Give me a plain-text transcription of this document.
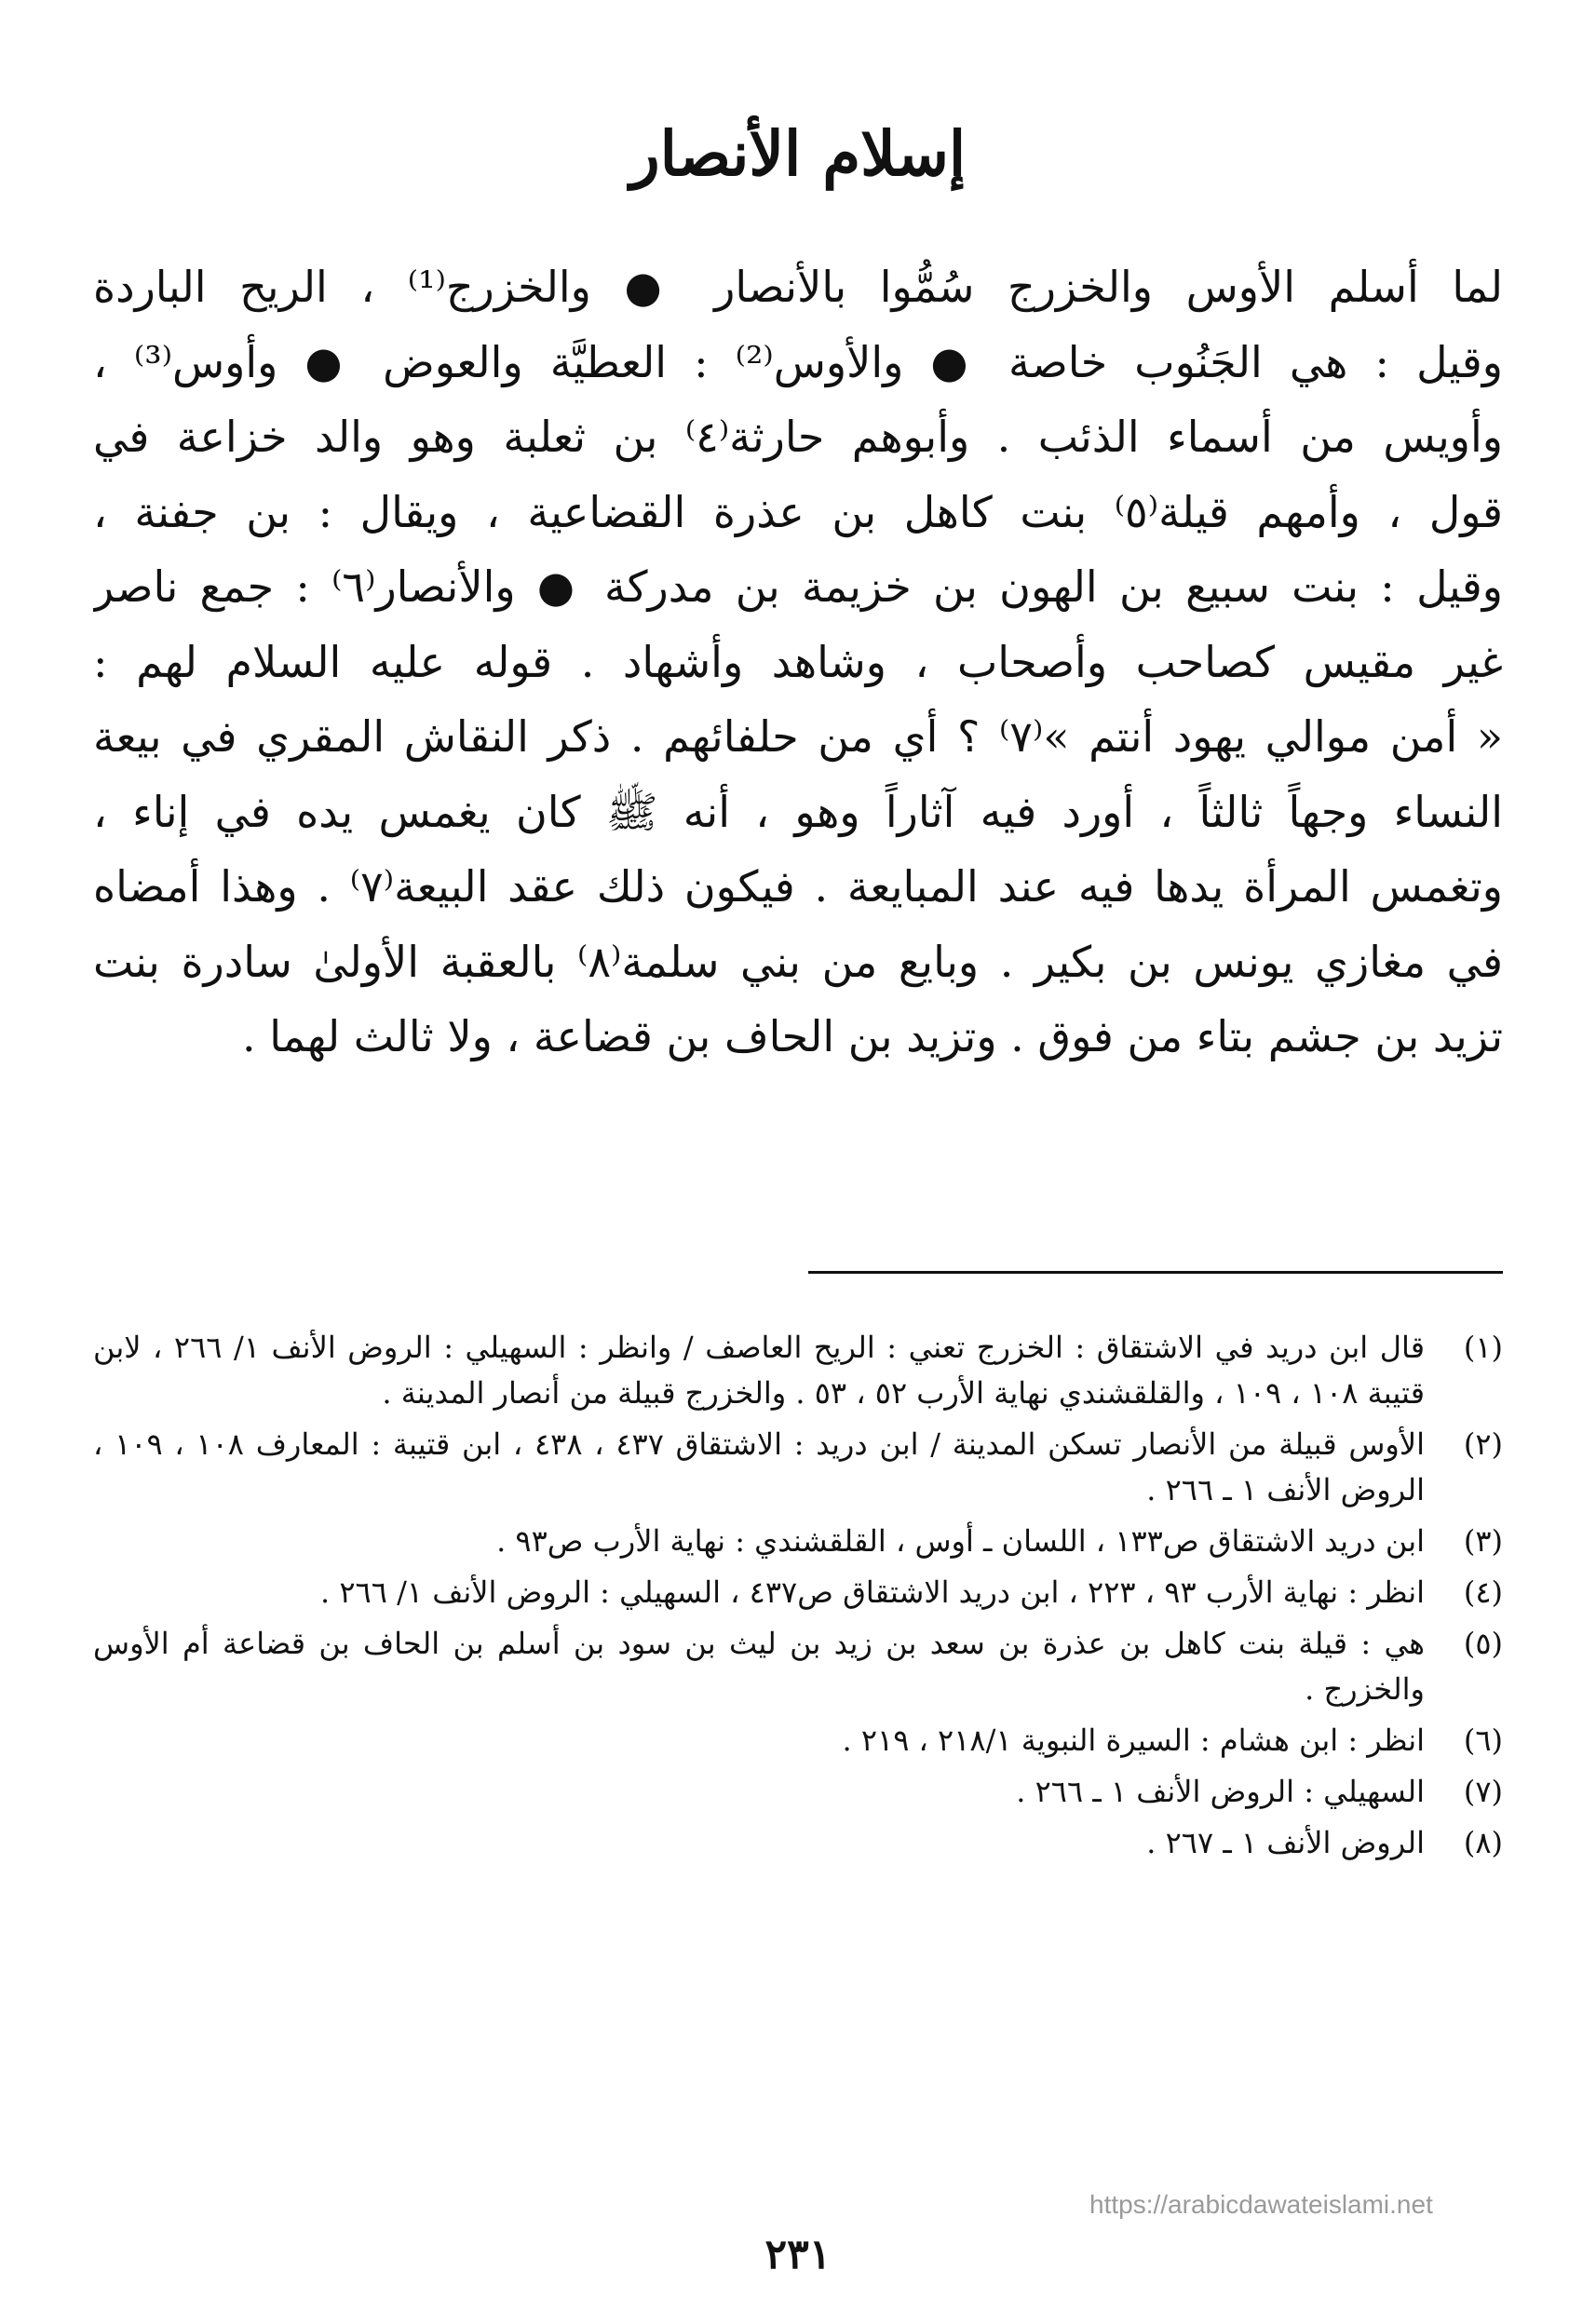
إسلام الأنصار
لما أسلم الأوس والخزرج سُمُّوا بالأنصار ● والخزرج⁽¹⁾ ، الريح الباردة
وقيل : هي الجَنُوب خاصة ● والأوس⁽²⁾ : العطيَّة والعوض ● وأوس⁽³⁾ ،
وأويس من أسماء الذئب . وأبوهم حارثة⁽٤⁾ بن ثعلبة وهو والد خزاعة في
قول ، وأمهم قيلة⁽٥⁾ بنت كاهل بن عذرة القضاعية ، ويقال : بن جفنة ،
وقيل : بنت سبيع بن الهون بن خزيمة بن مدركة ● والأنصار⁽٦⁾ : جمع ناصر
غير مقيس كصاحب وأصحاب ، وشاهد وأشهاد . قوله عليه السلام لهم :
« أمن موالي يهود أنتم »⁽٧⁾ ؟ أي من حلفائهم . ذكر النقاش المقري في بيعة
النساء وجهاً ثالثاً ، أورد فيه آثاراً وهو ، أنه ﷺ كان يغمس يده في إناء ،
وتغمس المرأة يدها فيه عند المبايعة . فيكون ذلك عقد البيعة⁽٧⁾ . وهذا أمضاه
في مغازي يونس بن بكير . وبايع من بني سلمة⁽٨⁾ بالعقبة الأولىٰ سادرة بنت
تزيد بن جشم بتاء من فوق . وتزيد بن الحاف بن قضاعة ، ولا ثالث لهما .
(١)
قال ابن دريد في الاشتقاق : الخزرج تعني : الريح العاصف / وانظر : السهيلي : الروض الأنف ١/ ٢٦٦ ، لابن قتيبة ١٠٨ ، ١٠٩ ، والقلقشندي نهاية الأرب ٥٢ ، ٥٣ . والخزرج قبيلة من أنصار المدينة .
(٢)
الأوس قبيلة من الأنصار تسكن المدينة / ابن دريد : الاشتقاق ٤٣٧ ، ٤٣٨ ، ابن قتيبة : المعارف ١٠٨ ، ١٠٩ ، الروض الأنف ١ ـ ٢٦٦ .
(٣)
ابن دريد الاشتقاق ص١٣٣ ، اللسان ـ أوس ، القلقشندي : نهاية الأرب ص٩٣ .
(٤)
انظر : نهاية الأرب ٩٣ ، ٢٢٣ ، ابن دريد الاشتقاق ص٤٣٧ ، السهيلي : الروض الأنف ١/ ٢٦٦ .
(٥)
هي : قيلة بنت كاهل بن عذرة بن سعد بن زيد بن ليث بن سود بن أسلم بن الحاف بن قضاعة أم الأوس والخزرج .
(٦)
انظر : ابن هشام : السيرة النبوية ٢١٨/١ ، ٢١٩ .
(٧)
السهيلي : الروض الأنف ١ ـ ٢٦٦ .
(٨)
الروض الأنف ١ ـ ٢٦٧ .
https://arabicdawateislami.net
٢٣١
